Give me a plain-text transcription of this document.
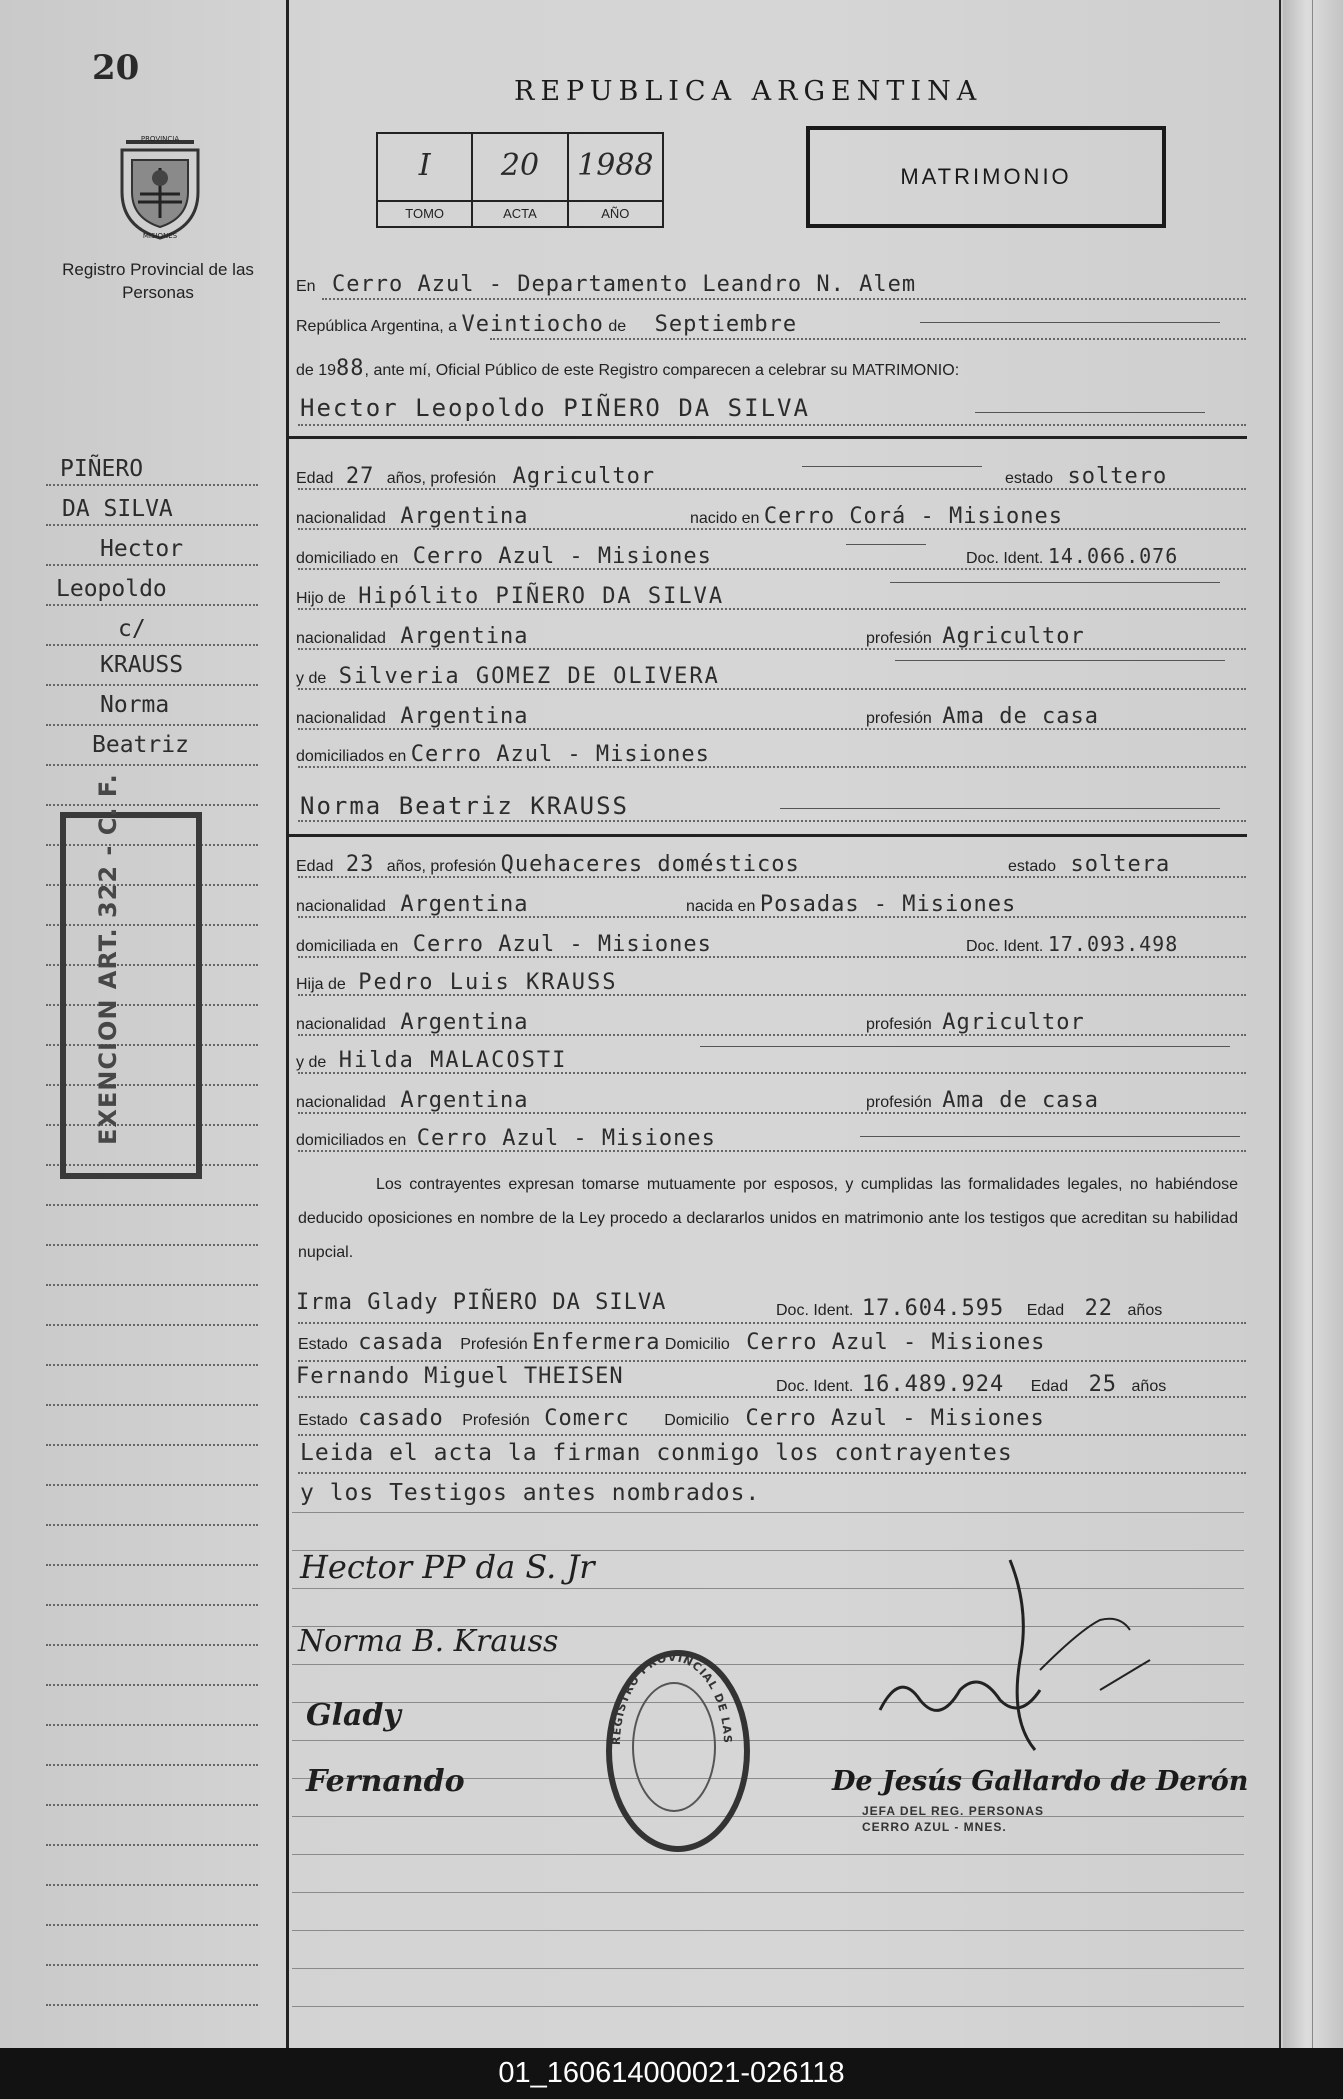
20
PROVINCIA
MISIONES
Registro Provincial de las Personas
REPUBLICA ARGENTINA
I
TOMO
20
ACTA
1988
AÑO
MATRIMONIO
En Cerro Azul - Departamento Leandro N. Alem
República Argentina, a Veintiocho de Septiembre
de 1988, ante mí, Oficial Público de este Registro comparecen a celebrar su MATRIMONIO:
Hector Leopoldo PIÑERO DA SILVA
PIÑERO
DA SILVA
Hector
Leopoldo
c/
KRAUSS
Norma
Beatriz
Edad 27 años, profesión Agricultor	estado soltero
nacionalidad Argentina	nacido en Cerro Corá - Misiones
domiciliado en Cerro Azul - Misiones	Doc. Ident. 14.066.076
Hijo de Hipólito PIÑERO DA SILVA
nacionalidad Argentina	profesión Agricultor
y de Silveria GOMEZ DE OLIVERA
nacionalidad Argentina	profesión Ama de casa
domiciliados en Cerro Azul - Misiones
Norma Beatriz KRAUSS
Edad 23 años, profesión Quehaceres domésticos	estado soltera
nacionalidad Argentina	nacida en Posadas - Misiones
domiciliada en Cerro Azul - Misiones	Doc. Ident. 17.093.498
Hija de Pedro Luis KRAUSS
nacionalidad Argentina	profesión Agricultor
y de Hilda MALACOSTI
nacionalidad Argentina	profesión Ama de casa
domiciliados en Cerro Azul - Misiones
Los contrayentes expresan tomarse mutuamente por esposos, y cumplidas las formalidades legales, no habiéndose deducido oposiciones en nombre de la Ley procedo a declararlos unidos en matrimonio ante los testigos que acreditan su habilidad nupcial.
Irma Glady PIÑERO DA SILVA	Doc. Ident. 17.604.595 Edad 22 años
Estado casada Profesión Enfermera Domicilio Cerro Azul - Misiones
Fernando Miguel THEISEN	Doc. Ident. 16.489.924 Edad 25 años
Estado casado Profesión Comerc Domicilio Cerro Azul - Misiones
Leida el acta la firman conmigo los contrayentes
y los Testigos antes nombrados.
Hector PP da S. Jr
Norma B. Krauss
Glady
Fernando	De Jesús Gallardo de Derón
JEFA DEL REG. PERSONAS
CERRO AZUL - MNES.
EXENCION ART. 322 - C. F.
REGISTRO PROVINCIAL DE LAS PERSONAS
01_160614000021-026118
